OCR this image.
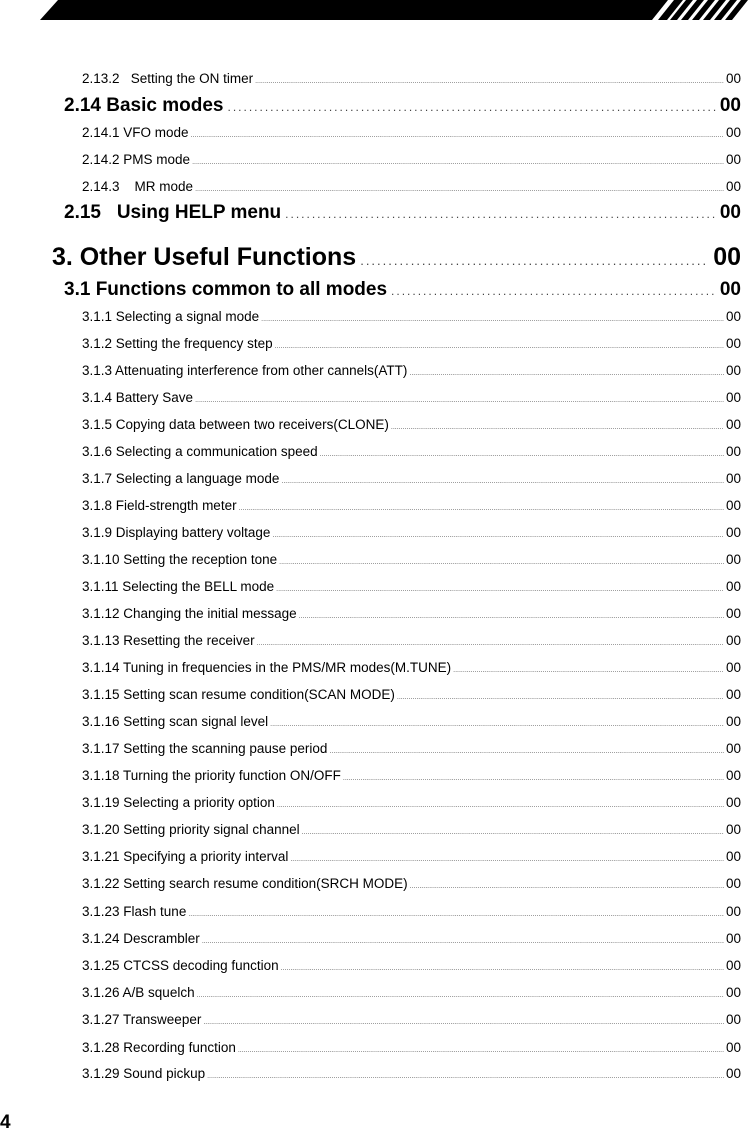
2.13.2   Setting the ON timer .....	00
2.14 Basic modes .....	00
2.14.1 VFO mode .....	00
2.14.2 PMS mode .....	00
2.14.3    MR mode .....	00
2.15   Using HELP menu .....	00
3. Other Useful Functions .....	00
3.1 Functions common to all modes .....	00
3.1.1 Selecting a signal mode .....	00
3.1.2 Setting the frequency step .....	00
3.1.3 Attenuating interference from other cannels(ATT) .....	00
3.1.4 Battery Save .....	00
3.1.5 Copying data between two receivers(CLONE) .....	00
3.1.6 Selecting a communication speed .....	00
3.1.7 Selecting a language mode .....	00
3.1.8 Field-strength meter .....	00
3.1.9 Displaying battery voltage .....	00
3.1.10 Setting the reception tone .....	00
3.1.11 Selecting the BELL mode .....	00
3.1.12 Changing the initial message .....	00
3.1.13 Resetting the receiver .....	00
3.1.14 Tuning in frequencies in the PMS/MR modes(M.TUNE) .....	00
3.1.15 Setting scan resume condition(SCAN MODE) .....	00
3.1.16 Setting scan signal level .....	00
3.1.17 Setting the scanning pause period .....	00
3.1.18 Turning the priority function ON/OFF .....	00
3.1.19 Selecting a priority option .....	00
3.1.20 Setting priority signal channel .....	00
3.1.21 Specifying a priority interval .....	00
3.1.22 Setting search resume condition(SRCH MODE) .....	00
3.1.23 Flash tune .....	00
3.1.24 Descrambler .....	00
3.1.25 CTCSS decoding function .....	00
3.1.26 A/B squelch .....	00
3.1.27 Transweeper .....	00
3.1.28 Recording function .....	00
3.1.29 Sound pickup .....	00
4
